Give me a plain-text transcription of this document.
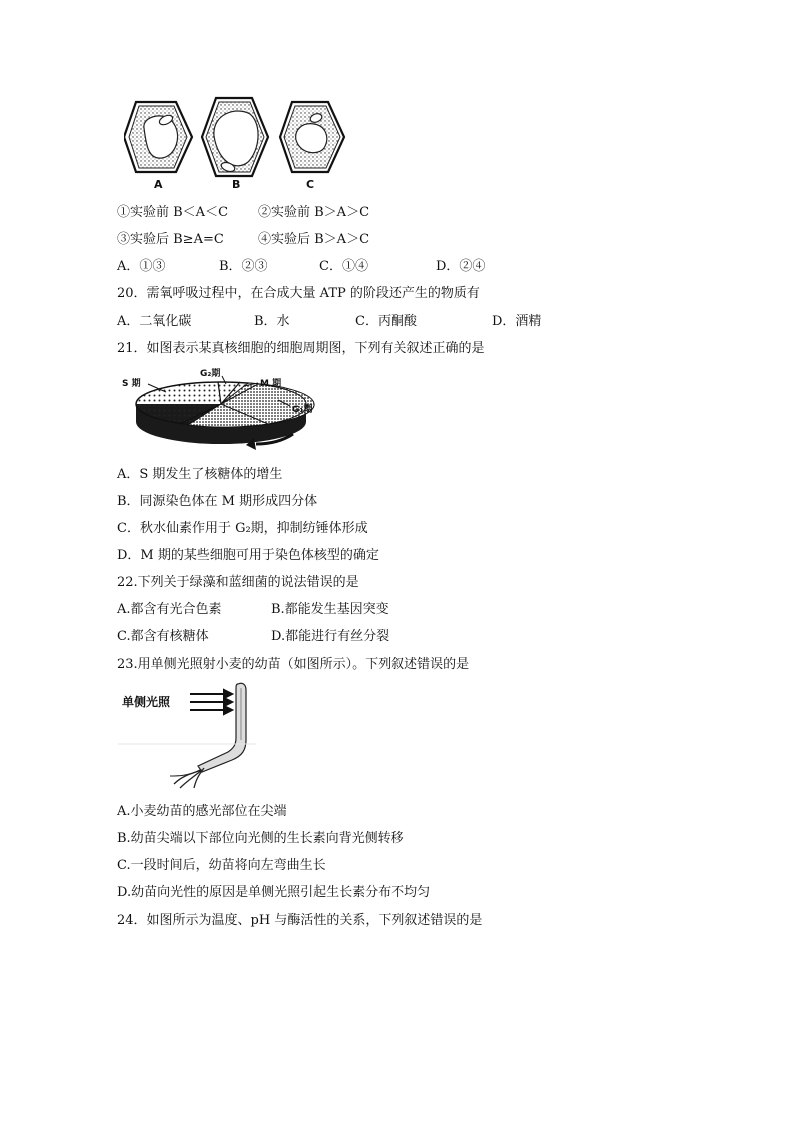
A	B	C
①实验前 B＜A＜C ②实验前 B＞A＞C
③实验后 B≥A=C	④实验后 B＞A＞C
A．①③	B．②③	C．①④	D．②④
20．需氧呼吸过程中，在合成大量 ATP 的阶段还产生的物质有
A．二氧化碳	B．水	C．丙酮酸	D．酒精
21．如图表示某真核细胞的细胞周期图，下列有关叙述正确的是
S 期
G₂期
M 期
G₁期
A．S 期发生了核糖体的增生
B．同源染色体在 M 期形成四分体
C．秋水仙素作用于 G₂期，抑制纺锤体形成
D．M 期的某些细胞可用于染色体核型的确定
22.下列关于绿藻和蓝细菌的说法错误的是
A.都含有光合色素	B.都能发生基因突变
C.都含有核糖体	D.都能进行有丝分裂
23.用单侧光照射小麦的幼苗（如图所示）。下列叙述错误的是
单侧光照
A.小麦幼苗的感光部位在尖端
B.幼苗尖端以下部位向光侧的生长素向背光侧转移
C.一段时间后，幼苗将向左弯曲生长
D.幼苗向光性的原因是单侧光照引起生长素分布不均匀
24．如图所示为温度、pH 与酶活性的关系，下列叙述错误的是
